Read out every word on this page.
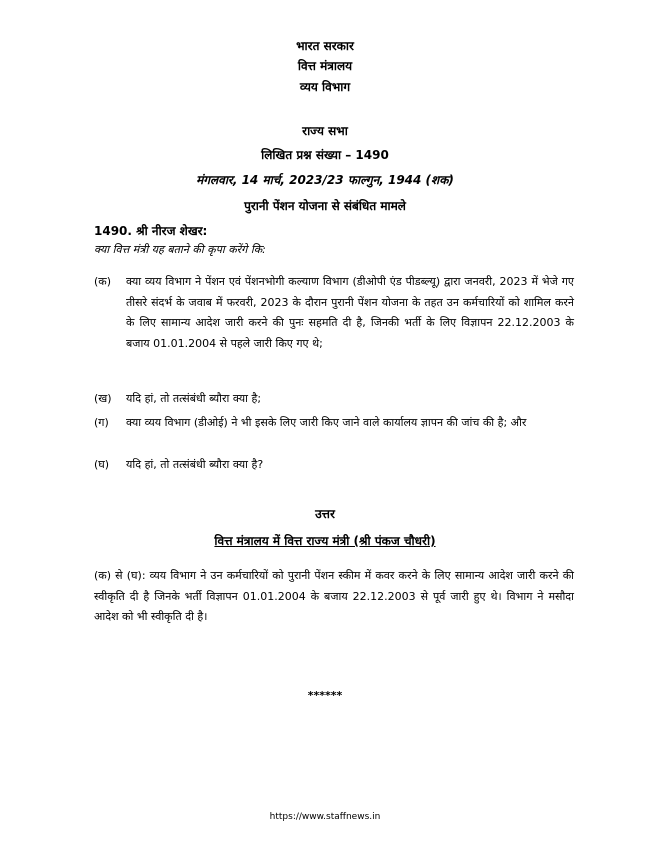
भारत सरकार
वित्त मंत्रालय
व्यय विभाग
राज्य सभा
लिखित प्रश्न संख्या – 1490
मंगलवार, 14 मार्च, 2023/23 फाल्गुन, 1944 (शक)
पुरानी पेंशन योजना से संबंधित मामले
1490. श्री नीरज शेखर:
क्या वित्त मंत्री यह बताने की कृपा करेंगे कि:
(क)	क्या व्यय विभाग ने पेंशन एवं पेंशनभोगी कल्याण विभाग (डीओपी एंड पीडब्ल्यू) द्वारा जनवरी, 2023 में भेजे गए तीसरे संदर्भ के जवाब में फरवरी, 2023 के दौरान पुरानी पेंशन योजना के तहत उन कर्मचारियों को शामिल करने के लिए सामान्य आदेश जारी करने की पुनः सहमति दी है, जिनकी भर्ती के लिए विज्ञापन 22.12.2003 के बजाय 01.01.2004 से पहले जारी किए गए थे;
(ख)	यदि हां, तो तत्संबंधी ब्यौरा क्या है;
(ग)	क्या व्यय विभाग (डीओई) ने भी इसके लिए जारी किए जाने वाले कार्यालय ज्ञापन की जांच की है; और
(घ)	यदि हां, तो तत्संबंधी ब्यौरा क्या है?
उत्तर
वित्त मंत्रालय में वित्त राज्य मंत्री (श्री पंकज चौधरी)
(क) से (घ): व्यय विभाग ने उन कर्मचारियों को पुरानी पेंशन स्कीम में कवर करने के लिए सामान्य आदेश जारी करने की स्वीकृति दी है जिनके भर्ती विज्ञापन 01.01.2004 के बजाय 22.12.2003 से पूर्व जारी हुए थे। विभाग ने मसौदा आदेश को भी स्वीकृति दी है।
******
https://www.staffnews.in
